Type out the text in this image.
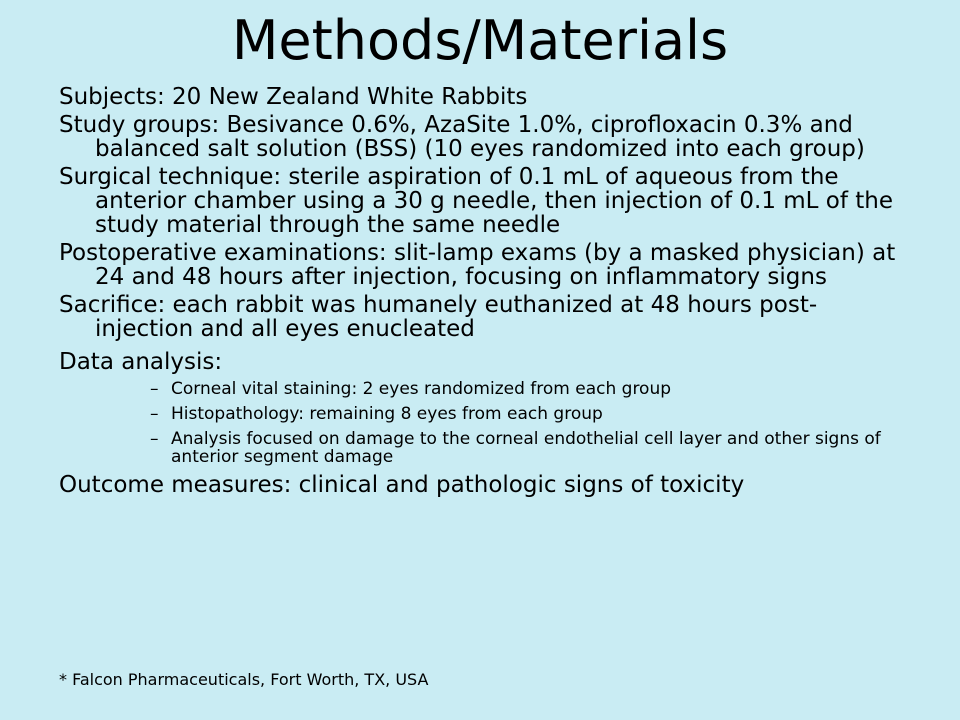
Methods/Materials
Subjects: 20 New Zealand White Rabbits
Study groups: Besivance 0.6%, AzaSite 1.0%, ciprofloxacin 0.3% and balanced salt solution (BSS) (10 eyes randomized into each group)
Surgical technique: sterile aspiration of 0.1 mL of aqueous from the anterior chamber using a 30 g needle, then injection of 0.1 mL of the study material through the same needle
Postoperative examinations: slit-lamp exams (by a masked physician) at 24 and 48 hours after injection, focusing on inflammatory signs
Sacrifice: each rabbit was humanely euthanized at 48 hours post-injection and all eyes enucleated
Data analysis:
– Corneal vital staining: 2 eyes randomized from each group
– Histopathology: remaining 8 eyes from each group
– Analysis focused on damage to the corneal endothelial cell layer and other signs of anterior segment damage
Outcome measures: clinical and pathologic signs of toxicity

* Falcon Pharmaceuticals, Fort Worth, TX, USA
